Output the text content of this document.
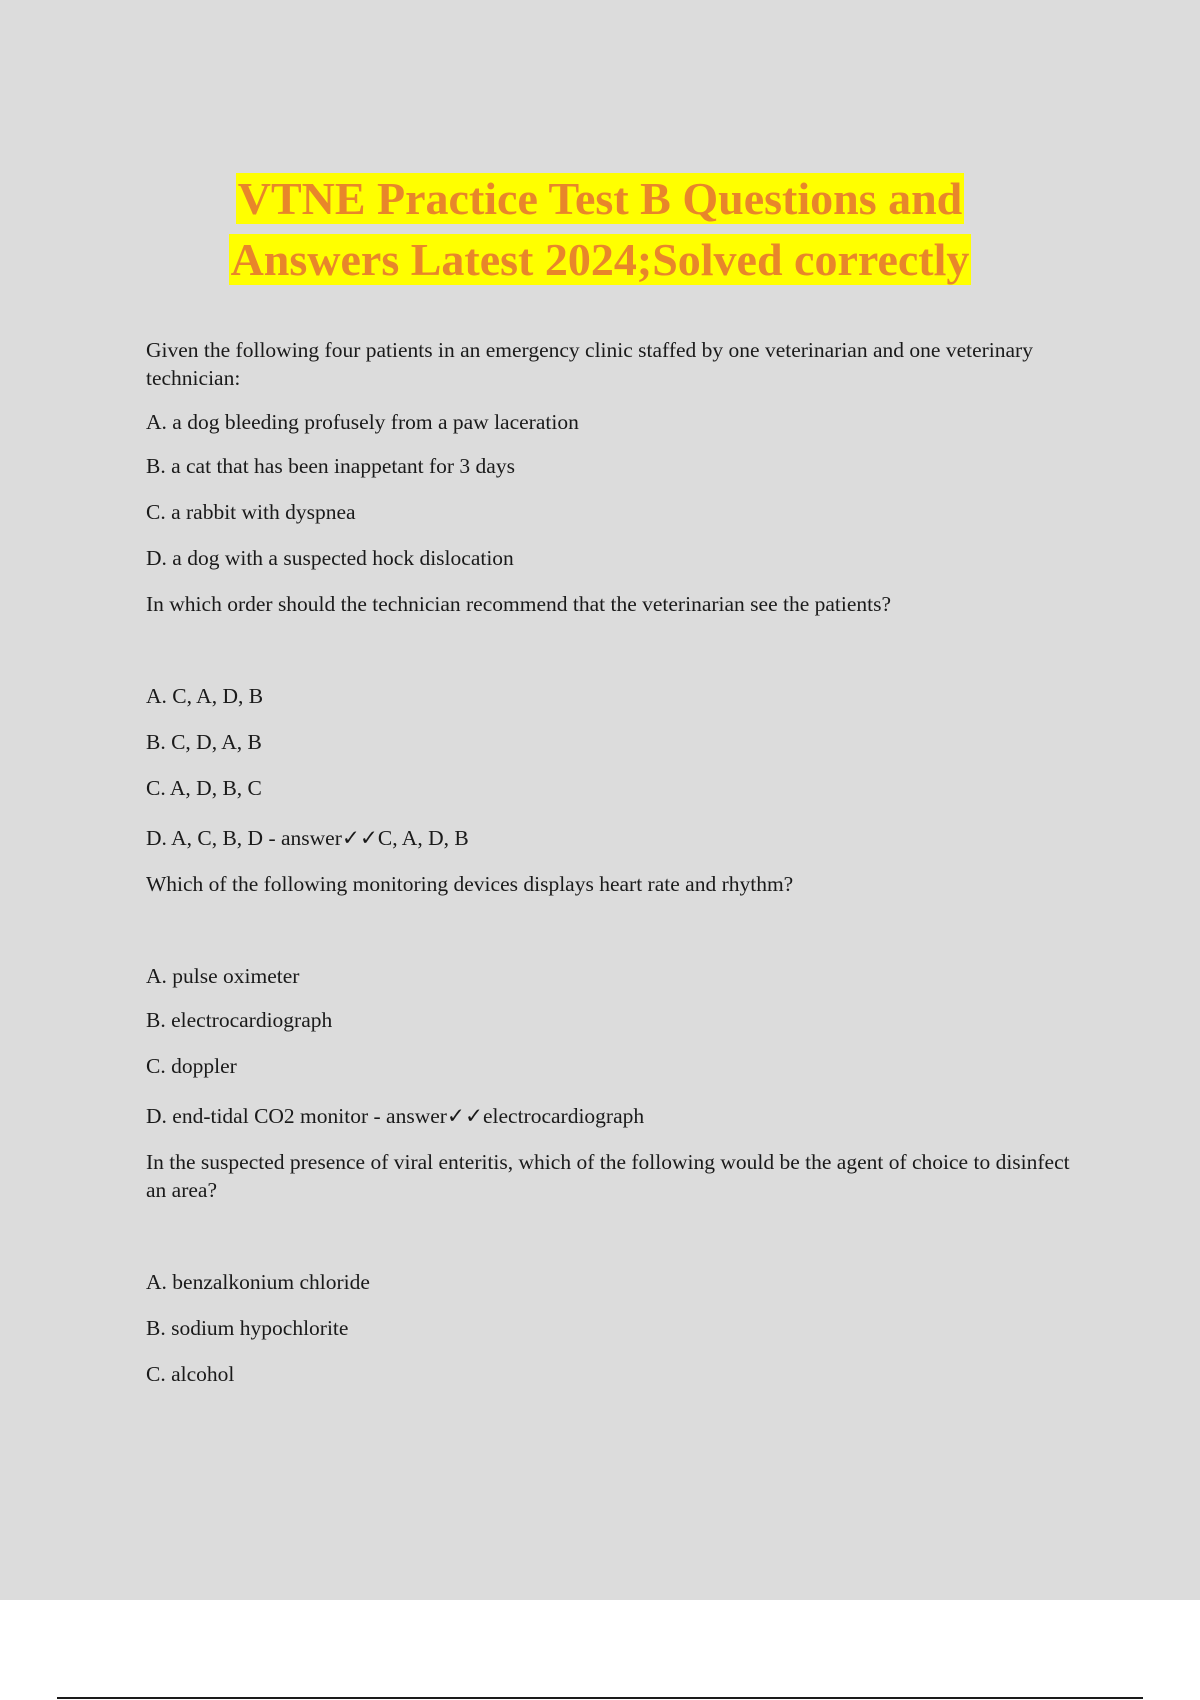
VTNE Practice Test B Questions and
Answers Latest 2024;Solved correctly

Given the following four patients in an emergency clinic staffed by one veterinarian and one veterinary technician:

A. a dog bleeding profusely from a paw laceration

B. a cat that has been inappetant for 3 days

C. a rabbit with dyspnea

D. a dog with a suspected hock dislocation

In which order should the technician recommend that the veterinarian see the patients?

A. C, A, D, B

B. C, D, A, B

C. A, D, B, C

D. A, C, B, D - answer✓✓C, A, D, B

Which of the following monitoring devices displays heart rate and rhythm?

A. pulse oximeter

B. electrocardiograph

C. doppler

D. end-tidal CO2 monitor - answer✓✓electrocardiograph

In the suspected presence of viral enteritis, which of the following would be the agent of choice to disinfect an area?

A. benzalkonium chloride

B. sodium hypochlorite

C. alcohol
